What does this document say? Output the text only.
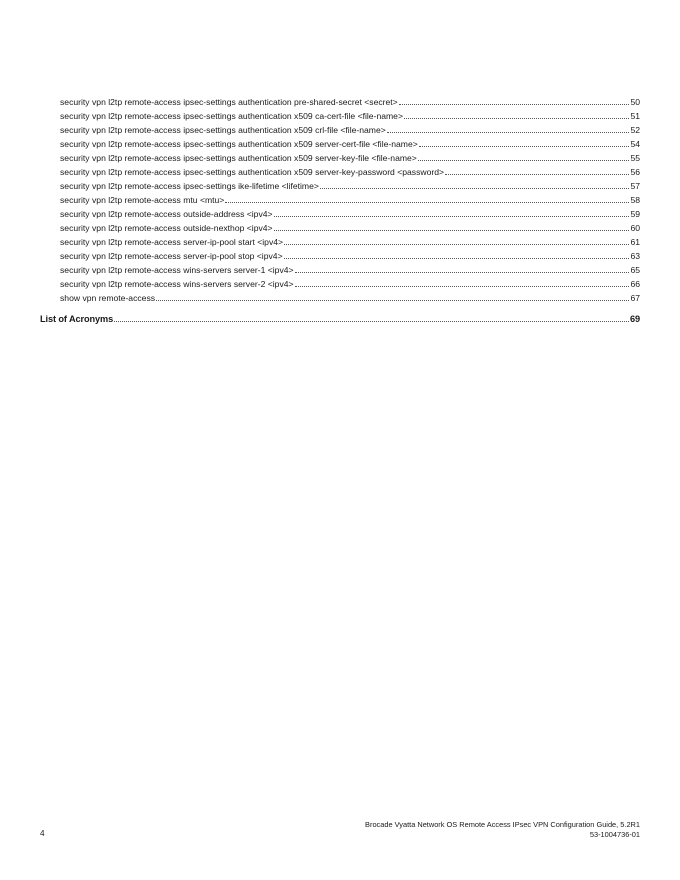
security vpn l2tp remote-access ipsec-settings authentication pre-shared-secret <secret>	50
security vpn l2tp remote-access ipsec-settings authentication x509 ca-cert-file <file-name>	51
security vpn l2tp remote-access ipsec-settings authentication x509 crl-file <file-name>	52
security vpn l2tp remote-access ipsec-settings authentication x509 server-cert-file <file-name>	54
security vpn l2tp remote-access ipsec-settings authentication x509 server-key-file <file-name>	55
security vpn l2tp remote-access ipsec-settings authentication x509 server-key-password <password>	56
security vpn l2tp remote-access ipsec-settings ike-lifetime <lifetime>	57
security vpn l2tp remote-access mtu <mtu>	58
security vpn l2tp remote-access outside-address <ipv4>	59
security vpn l2tp remote-access outside-nexthop <ipv4>	60
security vpn l2tp remote-access server-ip-pool start <ipv4>	61
security vpn l2tp remote-access server-ip-pool stop <ipv4>	63
security vpn l2tp remote-access wins-servers server-1 <ipv4>	65
security vpn l2tp remote-access wins-servers server-2 <ipv4>	66
show vpn remote-access	67
List of Acronyms	69
4
Brocade Vyatta Network OS Remote Access IPsec VPN Configuration Guide, 5.2R1
53-1004736-01
